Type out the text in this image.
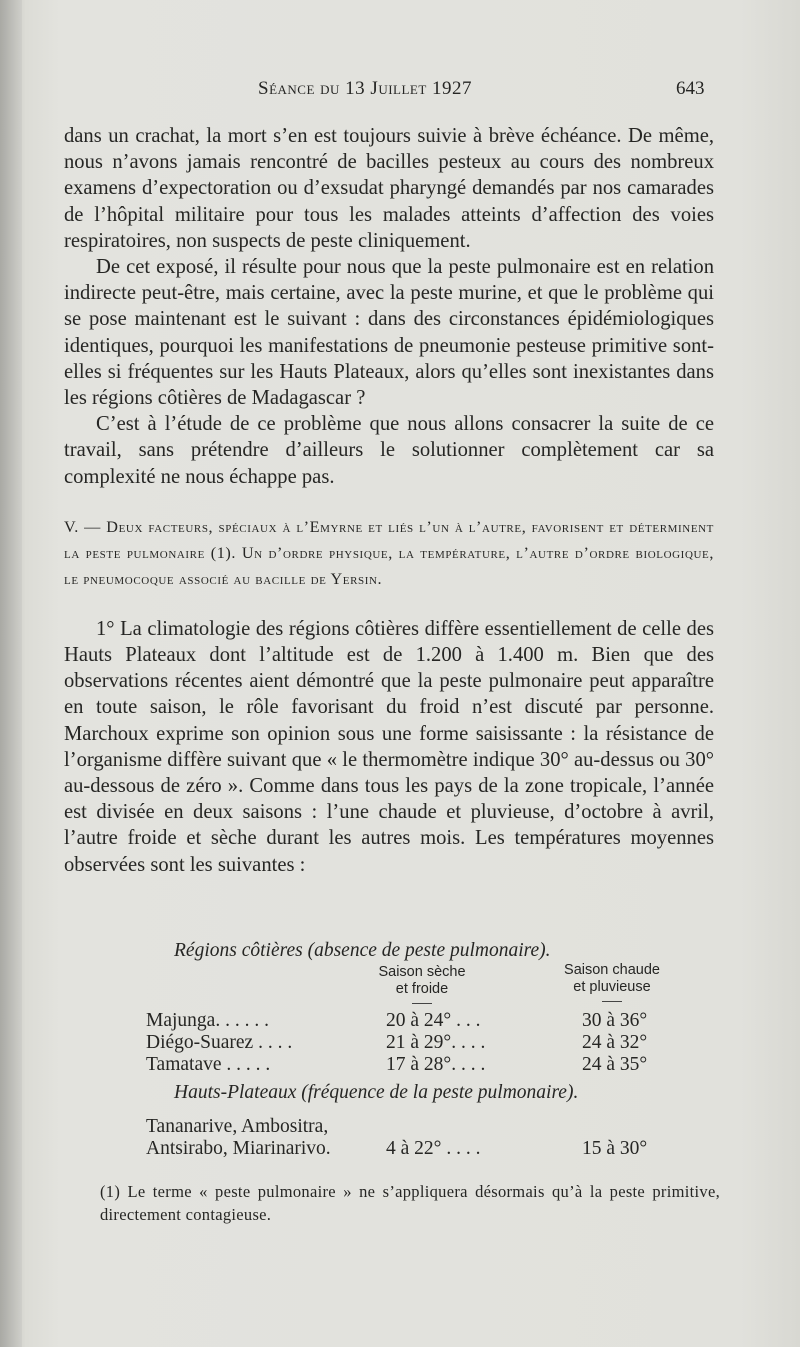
Séance du 13 Juillet 1927	643

dans un crachat, la mort s’en est toujours suivie à brève échéance. De même, nous n’avons jamais rencontré de bacilles pesteux au cours des nombreux examens d’expectoration ou d’exsudat pharyngé demandés par nos camarades de l’hôpital militaire pour tous les malades atteints d’affection des voies respiratoires, non suspects de peste cliniquement.

De cet exposé, il résulte pour nous que la peste pulmonaire est en relation indirecte peut-être, mais certaine, avec la peste murine, et que le problème qui se pose maintenant est le suivant : dans des circonstances épidémiologiques identiques, pourquoi les manifestations de pneumonie pesteuse primitive sont-elles si fréquentes sur les Hauts Plateaux, alors qu’elles sont inexistantes dans les régions côtières de Madagascar ?

C’est à l’étude de ce problème que nous allons consacrer la suite de ce travail, sans prétendre d’ailleurs le solutionner complètement car sa complexité ne nous échappe pas.

V. — Deux facteurs, spéciaux à l’Emyrne et liés l’un à l’autre, favorisent et déterminent la peste pulmonaire (1). Un d’ordre physique, la température, l’autre d’ordre biologique, le pneumocoque associé au bacille de Yersin.

1° La climatologie des régions côtières diffère essentiellement de celle des Hauts Plateaux dont l’altitude est de 1.200 à 1.400 m. Bien que des observations récentes aient démontré que la peste pulmonaire peut apparaître en toute saison, le rôle favorisant du froid n’est discuté par personne. Marchoux exprime son opinion sous une forme saisissante : la résistance de l’organisme diffère suivant que « le thermomètre indique 30° au-dessus ou 30° au-dessous de zéro ». Comme dans tous les pays de la zone tropicale, l’année est divisée en deux saisons : l’une chaude et pluvieuse, d’octobre à avril, l’autre froide et sèche durant les autres mois. Les températures moyennes observées sont les suivantes :

Régions côtières (absence de peste pulmonaire).
Saison sèche
et froide
Saison chaude
et pluvieuse
Majunga. . . . . .	20 à 24° . . .	30 à 36°
Diégo-Suarez . . . .	21 à 29°. . . .	24 à 32°
Tamatave . . . . .	17 à 28°. . . .	24 à 35°
Hauts-Plateaux (fréquence de la peste pulmonaire).
Tananarive, Ambositra,
Antsirabo, Miarinarivo.	4 à 22° . . . .	15 à 30°
(1) Le terme « peste pulmonaire » ne s’appliquera désormais qu’à la peste primitive, directement contagieuse.
